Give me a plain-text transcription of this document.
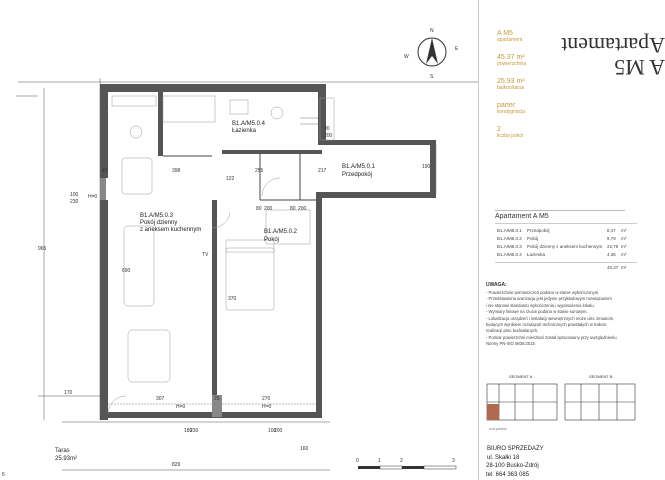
B1.A/M5.0.4
Łazienka
B1.A/M5.0.1
Przedpokój
B1.A/M5.0.3
Pokój dzienny
z aneksem kuchennym	B1.A/M5.0.2
Pokój
TV
47	398	255
90
200
217
190
100
230
H=0
690
965
122
80 200	80 200
370
170
307
H=0
25	270
H=0
180
230	100
200
829
160
Taras
25.93m²	0	1	2	3
5
N
E
S
W
A M5
apartament
45.37 m²
powierzchnia
25.93 m²
balkon/taras
parter
kondygnacja
2
liczba pokoi
A M5
Apartament
Apartament A M5
B1.A/M5.0.1 Przedpokój	8,47 m²
B1.A/M5.0.2 Pokój	9,79 m²
B1.A/M5.0.3 Pokój dzienny z aneksem kuchennym 22,75 m²
B1.A/M5.0.4 Łazienka	4,36 m²
45,37 m²
SEGMENT A	SEGMENT B
rzut parteru
BIURO SPRZEDAŻY
ul. Skałki 18
28-100 Busko-Zdrój
tel. 664 363 085
UWAGA:
- Powierzchnie pomieszczeń podano w stanie wykończonym.
- Przedstawiona aranżacja jest jedynie przykładowym rozwiązaniem
i nie stanowi standardu wykończenia i wyposażenia lokalu.
- Wymiary liniowe na rzucie podano w stanie surowym.
- Lokalizacja urządzeń i instalacji wewnętrznych może ulec zmianom,
będącym wynikiem rozwiązań technicznych powstałych w trakcie
realizacji prac budowlanych.
- Pomiar powierzchni mieszkań został opracowany przy uwzględnieniu
Normy PN-ISO 9836:2015
